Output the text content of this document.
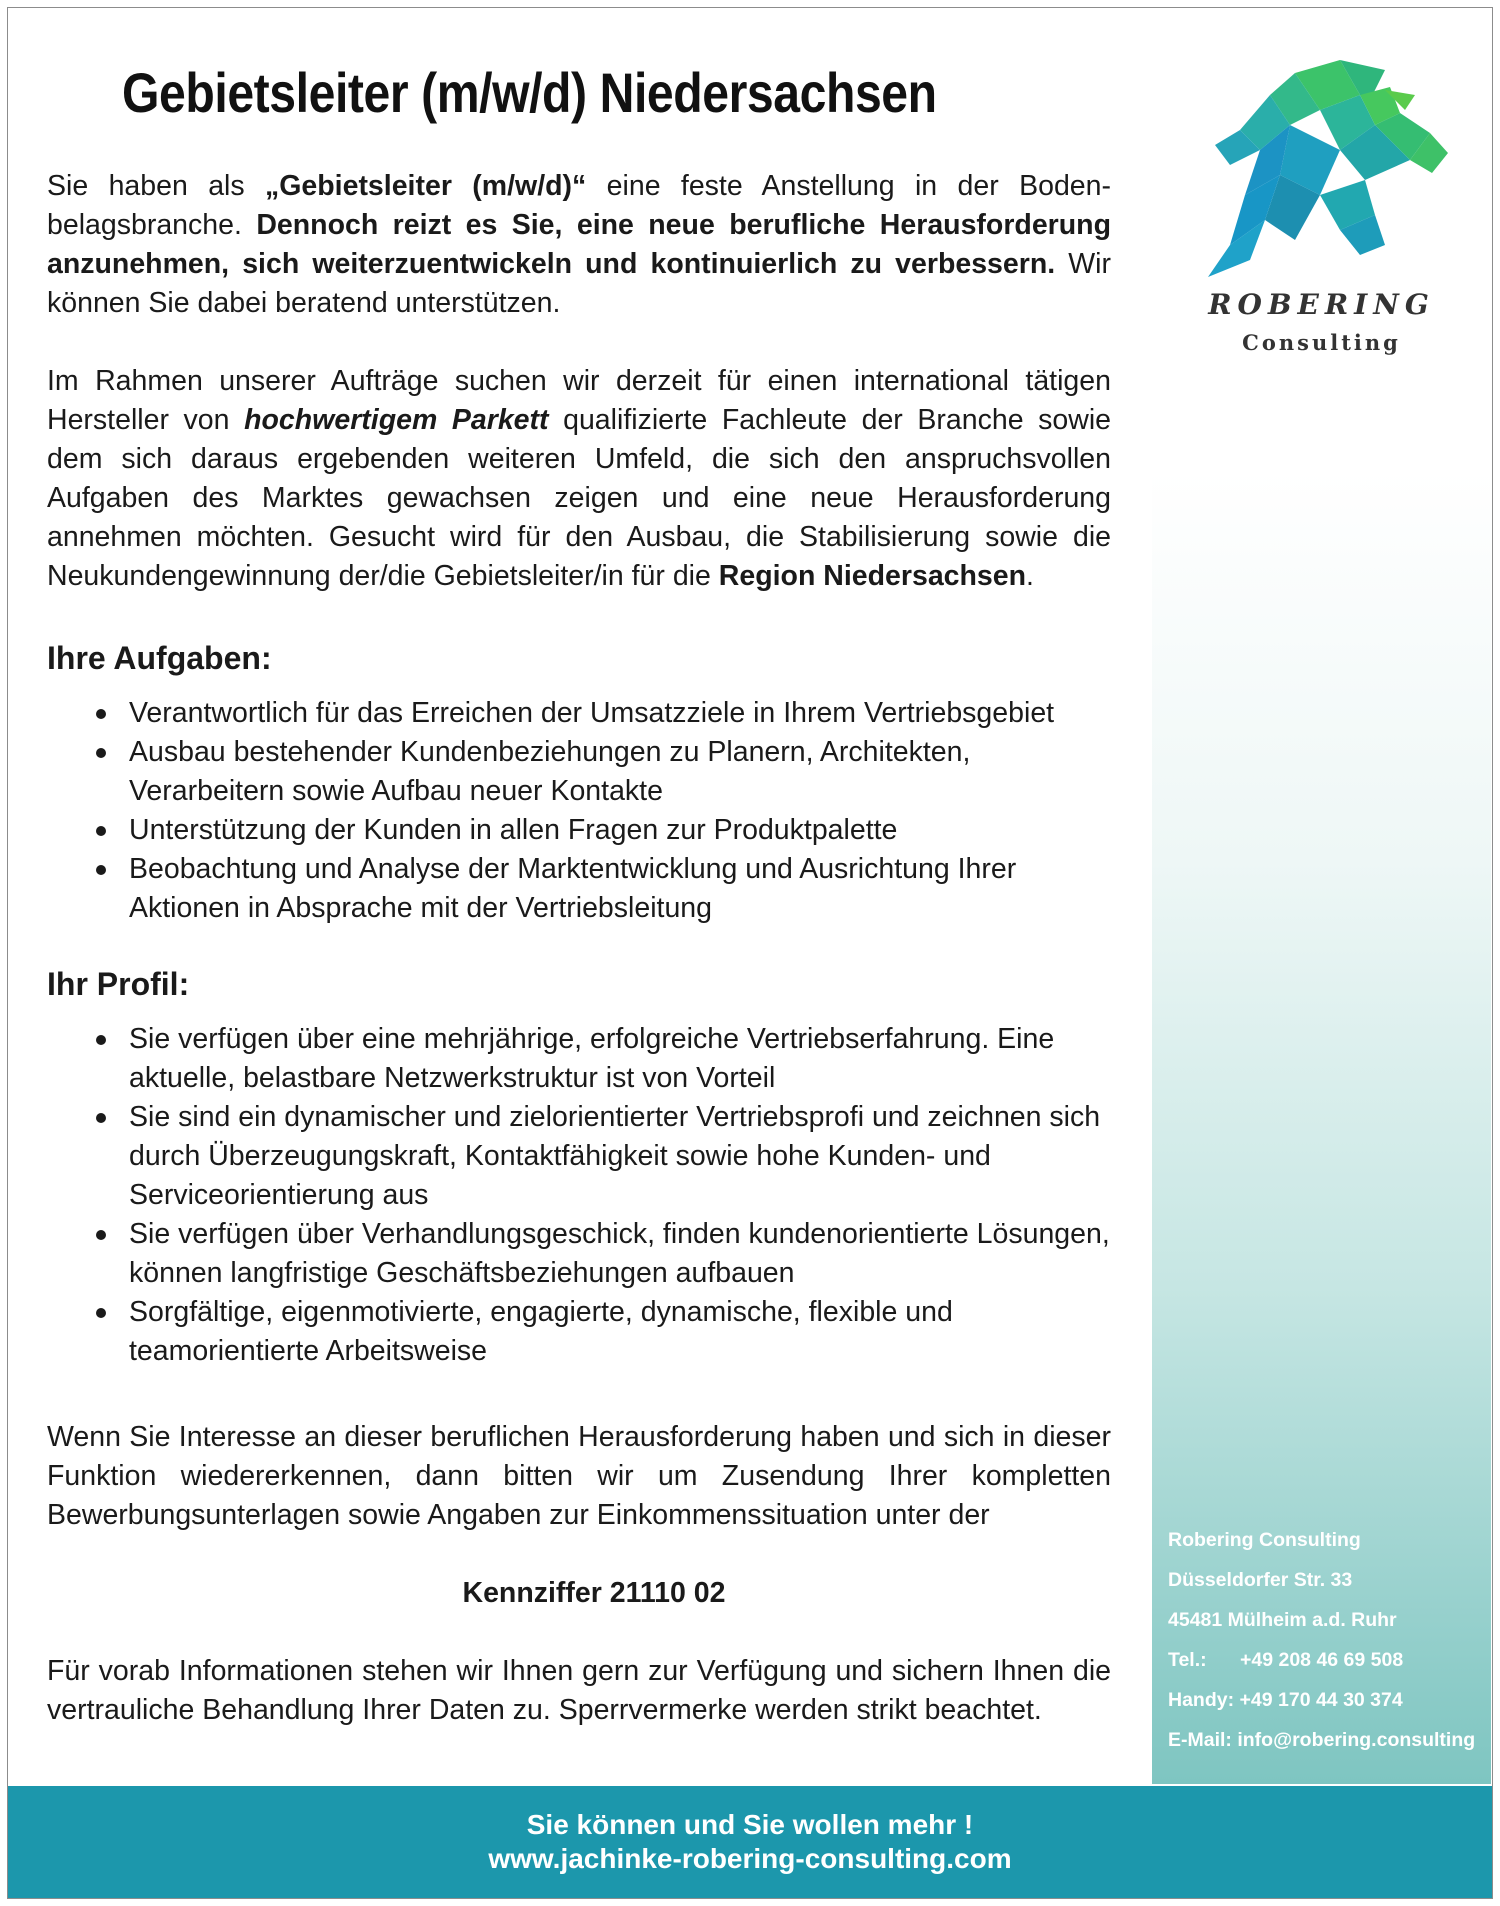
ROBERING
Consulting
Gebietsleiter (m/w/d) Niedersachsen

Sie haben als „Gebietsleiter (m/w/d)“ eine feste Anstellung in der Bodenbelagsbranche. Dennoch reizt es Sie, eine neue berufliche Herausforderung anzunehmen, sich weiterzuentwickeln und kontinuierlich zu verbessern. Wir können Sie dabei beratend unterstützen.

Im Rahmen unserer Aufträge suchen wir derzeit für einen international tätigen Hersteller von hochwertigem Parkett qualifizierte Fachleute der Branche sowie dem sich daraus ergebenden weiteren Umfeld, die sich den anspruchsvollen Aufgaben des Marktes gewachsen zeigen und eine neue Herausforderung annehmen möchten. Gesucht wird für den Ausbau, die Stabilisierung sowie die Neukundengewinnung der/die Gebietsleiter/in für die Region Niedersachsen.

Ihre Aufgaben:
Verantwortlich für das Erreichen der Umsatzziele in Ihrem Vertriebsgebiet
Ausbau bestehender Kundenbeziehungen zu Planern, Architekten, Verarbeitern sowie Aufbau neuer Kontakte
Unterstützung der Kunden in allen Fragen zur Produktpalette
Beobachtung und Analyse der Marktentwicklung und Ausrichtung Ihrer Aktionen in Absprache mit der Vertriebsleitung
Ihr Profil:
Sie verfügen über eine mehrjährige, erfolgreiche Vertriebserfahrung. Eine aktuelle, belastbare Netzwerkstruktur ist von Vorteil
Sie sind ein dynamischer und zielorientierter Vertriebsprofi und zeichnen sich durch Überzeugungskraft, Kontaktfähigkeit sowie hohe Kunden- und Serviceorientierung aus
Sie verfügen über Verhandlungsgeschick, finden kundenorientierte Lösungen, können langfristige Geschäftsbeziehungen aufbauen
Sorgfältige, eigenmotivierte, engagierte, dynamische, flexible und teamorientierte Arbeitsweise

Wenn Sie Interesse an dieser beruflichen Herausforderung haben und sich in dieser Funktion wiedererkennen, dann bitten wir um Zusendung Ihrer kompletten Bewerbungsunterlagen sowie Angaben zur Einkommenssituation unter der

Kennziffer 21110 02

Für vorab Informationen stehen wir Ihnen gern zur Verfügung und sichern Ihnen die vertrauliche Behandlung Ihrer Daten zu. Sperrvermerke werden strikt beachtet.

Robering Consulting
Düsseldorfer Str. 33
45481 Mülheim a.d. Ruhr
Tel.: +49 208 46 69 508
Handy: +49 170 44 30 374
E-Mail: info@robering.consulting
Sie können und Sie wollen mehr !
www.jachinke-robering-consulting.com
